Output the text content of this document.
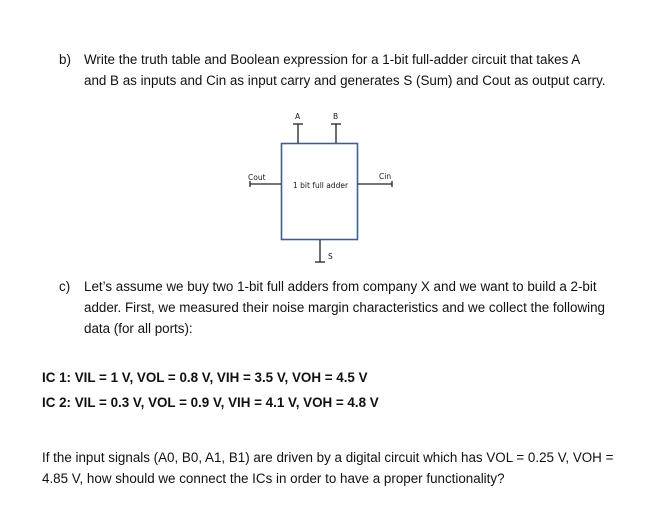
b) Write the truth table and Boolean expression for a 1-bit full-adder circuit that takes A
and B as inputs and Cin as input carry and generates S (Sum) and Cout as output carry.
A	B
Cout	Cin
1 bit full adder
S
c) Let’s assume we buy two 1-bit full adders from company X and we want to build a 2-bit
adder. First, we measured their noise margin characteristics and we collect the following
data (for all ports):
IC 1: VIL = 1 V, VOL = 0.8 V, VIH = 3.5 V, VOH = 4.5 V
IC 2: VIL = 0.3 V, VOL = 0.9 V, VIH = 4.1 V, VOH = 4.8 V
If the input signals (A0, B0, A1, B1) are driven by a digital circuit which has VOL = 0.25 V, VOH =
4.85 V, how should we connect the ICs in order to have a proper functionality?
